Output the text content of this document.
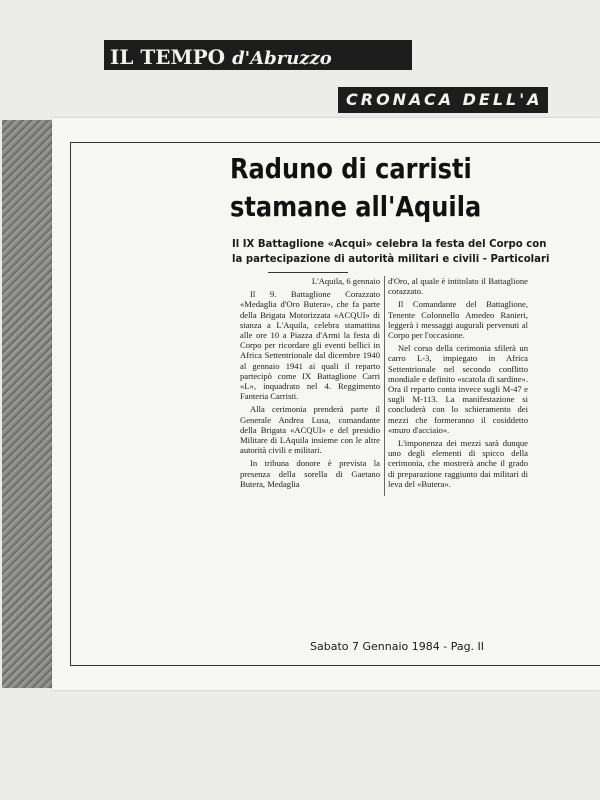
IL TEMPO d'Abruzzo
CRONACA DELL'A
Raduno di carristi
stamane all'Aquila

Il IX Battaglione «Acqui» celebra la festa del Corpo con la partecipazione di autorità militari e civili - Particolari

L'Aquila, 6 gennaio

Il 9. Battaglione Corazzato «Medaglia d'Oro Butera», che fa parte della Brigata Motorizzata «ACQUI» di stanza a L'Aquila, celebra stamattina alle ore 10 a Piazza d'Armi la festa di Corpo per ricordare gli eventi bellici in Africa Settentrionale dal dicembre 1940 al gennaio 1941 ai quali il reparto partecipò come IX Battaglione Carri «L», inquadrato nel 4. Reggimento Fanteria Carristi.

Alla cerimonia prenderà parte il Generale Andrea Lusa, comandante della Brigata «ACQUI» e del presidio Militare di LAquila insieme con le altre autorità civili e militari.

In tribuna donore è prevista la presenza della sorella di Gaetano Butera, Medaglia

d'Oro, al quale è intitolato il Battaglione corazzato.

Il Comandante del Battaglione, Tenente Colonnello Amedeo Ranieri, leggerà i messaggi augurali pervenuti al Corpo per l'occasione.

Nel corso della cerimonia sfilerà un carro L-3, impiegato in Africa Settentrionale nel secondo conflitto mondiale e definito «scatola di sardine». Ora il reparto conta invece sugli M-47 e sugli M-113. La manifestazione si concluderà con lo schieramento dei mezzi che formeranno il cosiddetto «muro d'acciaio».

L'imponenza dei mezzi sarà dunque uno degli elementi di spicco della cerimonia, che mostrerà anche il grado di preparazione raggiunto dai militari di leva del «Butera».

Sabato 7 Gennaio 1984 - Pag. II
